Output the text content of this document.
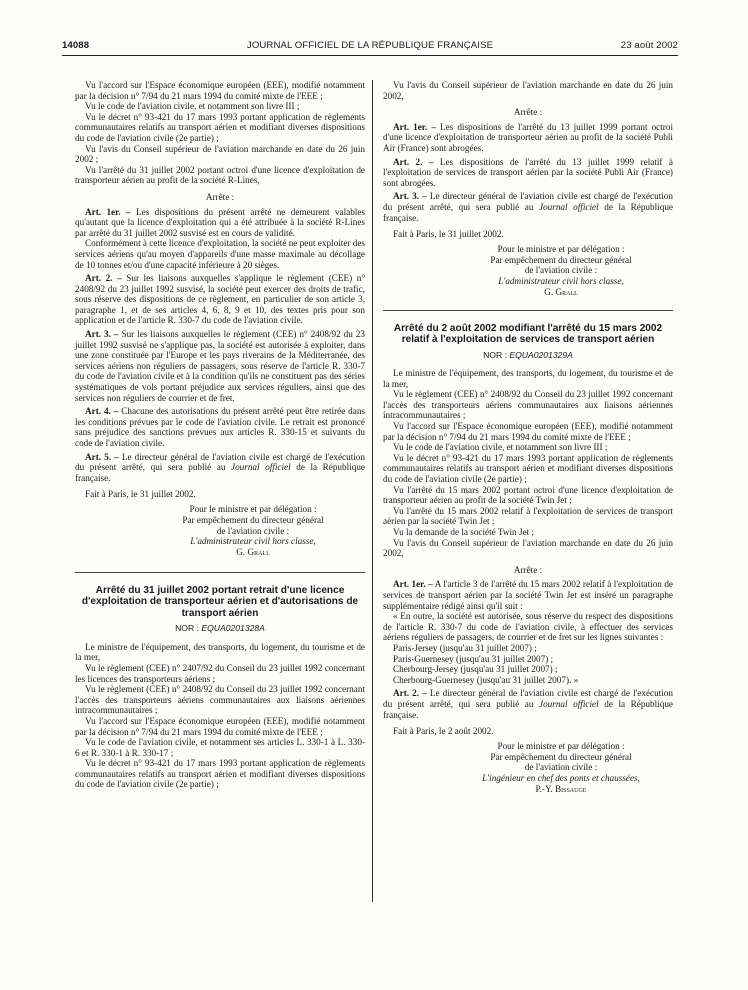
14088	JOURNAL OFFICIEL DE LA RÉPUBLIQUE FRANÇAISE	23 août 2002

Vu l'accord sur l'Espace économique européen (EEE), modifié notamment par la décision n° 7/94 du 21 mars 1994 du comité mixte de l'EEE ;

Vu le code de l'aviation civile, et notamment son livre III ;

Vu le décret n° 93-421 du 17 mars 1993 portant application de règlements communautaires relatifs au transport aérien et modifiant diverses dispositions du code de l'aviation civile (2e partie) ;

Vu l'avis du Conseil supérieur de l'aviation marchande en date du 26 juin 2002 ;

Vu l'arrêté du 31 juillet 2002 portant octroi d'une licence d'exploitation de transporteur aérien au profit de la société R-Lines,

Arrête :

Art. 1er. – Les dispositions du présent arrêté ne demeurent valables qu'autant que la licence d'exploitation qui a été attribuée à la société R-Lines par arrêté du 31 juillet 2002 susvisé est en cours de validité.

Conformément à cette licence d'exploitation, la société ne peut exploiter des services aériens qu'au moyen d'appareils d'une masse maximale au décollage de 10 tonnes et/ou d'une capacité inférieure à 20 sièges.

Art. 2. – Sur les liaisons auxquelles s'applique le règlement (CEE) n° 2408/92 du 23 juillet 1992 susvisé, la société peut exercer des droits de trafic, sous réserve des dispositions de ce règlement, en particulier de son article 3, paragraphe 1, et de ses articles 4, 6, 8, 9 et 10, des textes pris pour son application et de l'article R. 330-7 du code de l'aviation civile.

Art. 3. – Sur les liaisons auxquelles le règlement (CEE) n° 2408/92 du 23 juillet 1992 susvisé ne s'applique pas, la société est autorisée à exploiter, dans une zone constituée par l'Europe et les pays riverains de la Méditerranée, des services aériens non réguliers de passagers, sous réserve de l'article R. 330-7 du code de l'aviation civile et à la condition qu'ils ne constituent pas des séries systématiques de vols portant préjudice aux services réguliers, ainsi que des services non réguliers de courrier et de fret.

Art. 4. – Chacune des autorisations du présent arrêté peut être retirée dans les conditions prévues par le code de l'aviation civile. Le retrait est prononcé sans préjudice des sanctions prévues aux articles R. 330-15 et suivants du code de l'aviation civile.

Art. 5. – Le directeur général de l'aviation civile est chargé de l'exécution du présent arrêté, qui sera publié au Journal officiel de la République française.

Fait à Paris, le 31 juillet 2002.

Pour le ministre et par délégation :
Par empêchement du directeur général
de l'aviation civile :
L'administrateur civil hors classe,
G. Grall

Arrêté du 31 juillet 2002 portant retrait d'une licence d'exploitation de transporteur aérien et d'autorisations de transport aérien

NOR : EQUA0201328A

Le ministre de l'équipement, des transports, du logement, du tourisme et de la mer,

Vu le règlement (CEE) n° 2407/92 du Conseil du 23 juillet 1992 concernant les licences des transporteurs aériens ;

Vu le règlement (CEE) n° 2408/92 du Conseil du 23 juillet 1992 concernant l'accès des transporteurs aériens communautaires aux liaisons aériennes intracommunautaires ;

Vu l'accord sur l'Espace économique européen (EEE), modifié notamment par la décision n° 7/94 du 21 mars 1994 du comité mixte de l'EEE ;

Vu le code de l'aviation civile, et notamment ses articles L. 330-1 à L. 330-6 et R. 330-1 à R. 330-17 ;

Vu le décret n° 93-421 du 17 mars 1993 portant application de règlements communautaires relatifs au transport aérien et modifiant diverses dispositions du code de l'aviation civile (2e partie) ;

Vu l'avis du Conseil supérieur de l'aviation marchande en date du 26 juin 2002,

Arrête :

Art. 1er. – Les dispositions de l'arrêté du 13 juillet 1999 portant octroi d'une licence d'exploitation de transporteur aérien au profit de la société Publi Air (France) sont abrogées.

Art. 2. – Les dispositions de l'arrêté du 13 juillet 1999 relatif à l'exploitation de services de transport aérien par la société Publi Air (France) sont abrogées.

Art. 3. – Le directeur général de l'aviation civile est chargé de l'exécution du présent arrêté, qui sera publié au Journal officiel de la République française.

Fait à Paris, le 31 juillet 2002.

Pour le ministre et par délégation :
Par empêchement du directeur général
de l'aviation civile :
L'administrateur civil hors classe,
G. Grall

Arrêté du 2 août 2002 modifiant l'arrêté du 15 mars 2002 relatif à l'exploitation de services de transport aérien

NOR : EQUA0201329A

Le ministre de l'équipement, des transports, du logement, du tourisme et de la mer,

Vu le règlement (CEE) n° 2408/92 du Conseil du 23 juillet 1992 concernant l'accès des transporteurs aériens communautaires aux liaisons aériennes intracommunautaires ;

Vu l'accord sur l'Espace économique européen (EEE), modifié notamment par la décision n° 7/94 du 21 mars 1994 du comité mixte de l'EEE ;

Vu le code de l'aviation civile, et notamment son livre III ;

Vu le décret n° 93-421 du 17 mars 1993 portant application de règlements communautaires relatifs au transport aérien et modifiant diverses dispositions du code de l'aviation civile (2e partie) ;

Vu l'arrêté du 15 mars 2002 portant octroi d'une licence d'exploitation de transporteur aérien au profit de la société Twin Jet ;

Vu l'arrêté du 15 mars 2002 relatif à l'exploitation de services de transport aérien par la société Twin Jet ;

Vu la demande de la société Twin Jet ;

Vu l'avis du Conseil supérieur de l'aviation marchande en date du 26 juin 2002,

Arrête :

Art. 1er. – A l'article 3 de l'arrêté du 15 mars 2002 relatif à l'exploitation de services de transport aérien par la société Twin Jet est inséré un paragraphe supplémentaire rédigé ainsi qu'il suit :

« En outre, la société est autorisée, sous réserve du respect des dispositions de l'article R. 330-7 du code de l'aviation civile, à effectuer des services aériens réguliers de passagers, de courrier et de fret sur les lignes suivantes :

Paris-Jersey (jusqu'au 31 juillet 2007) ;
Paris-Guernesey (jusqu'au 31 juillet 2007) ;
Cherbourg-Jersey (jusqu'au 31 juillet 2007) ;
Cherbourg-Guernesey (jusqu'au 31 juillet 2007). »

Art. 2. – Le directeur général de l'aviation civile est chargé de l'exécution du présent arrêté, qui sera publié au Journal officiel de la République française.

Fait à Paris, le 2 août 2002.

Pour le ministre et par délégation :
Par empêchement du directeur général
de l'aviation civile :
L'ingénieur en chef des ponts et chaussées,
P.-Y. Bissauge
